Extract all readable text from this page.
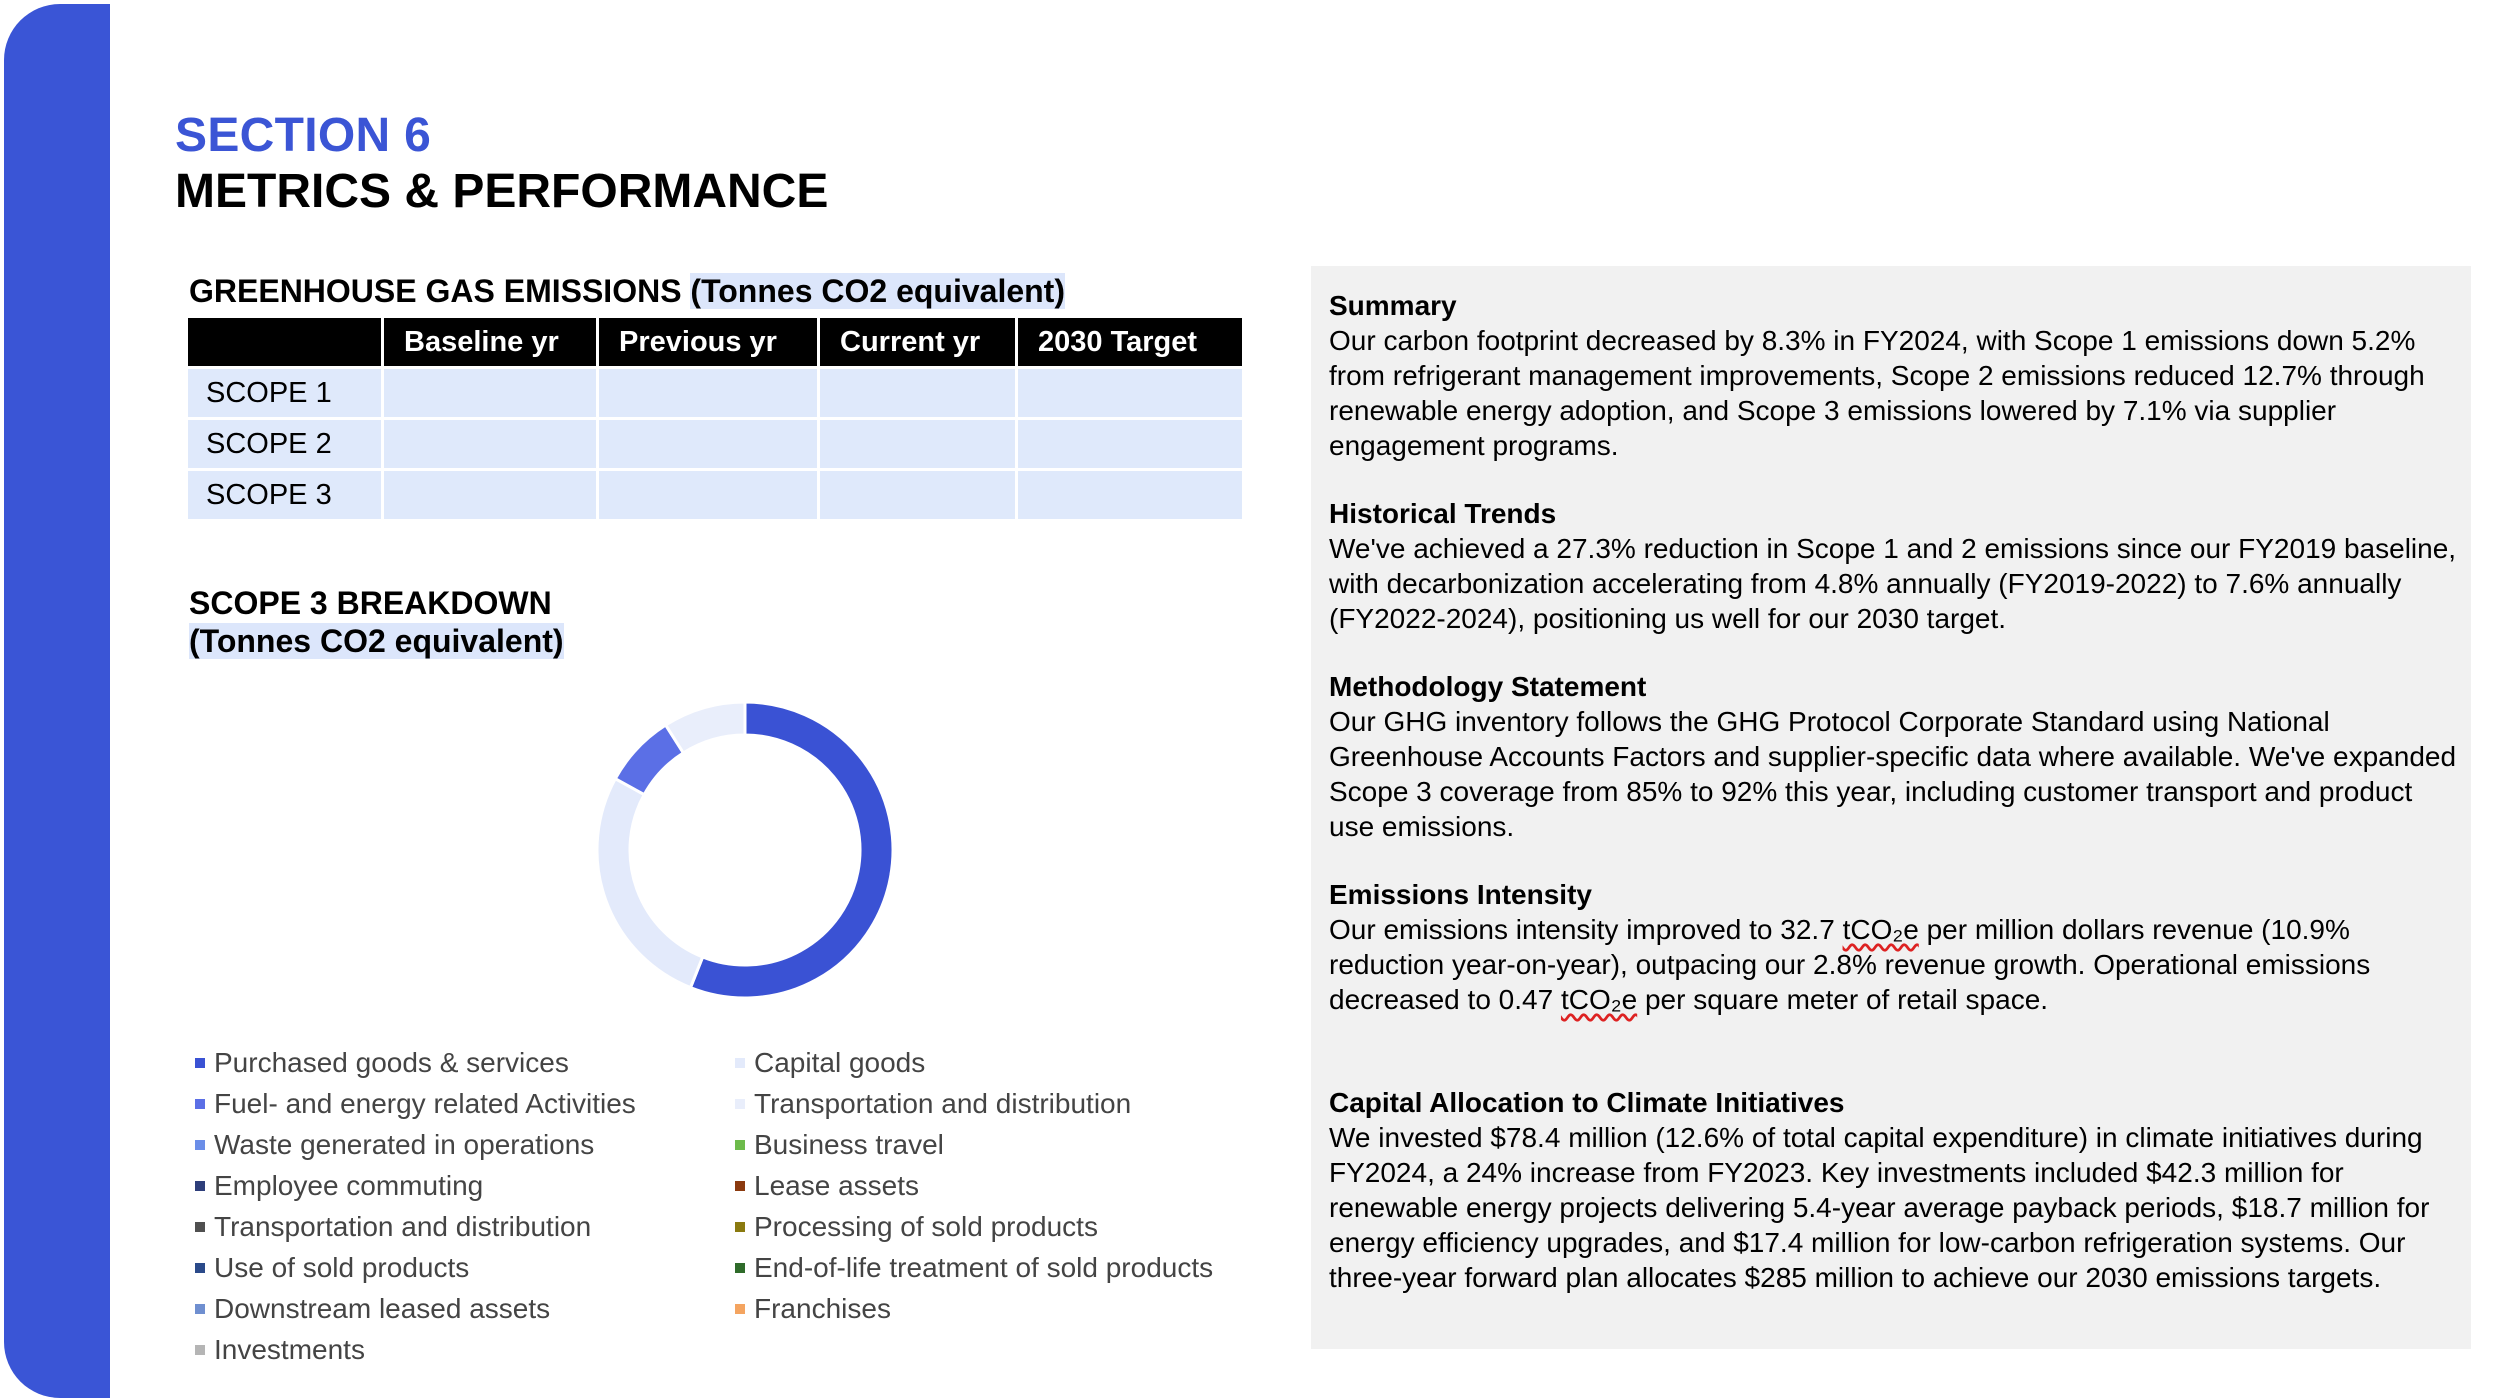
SECTION 6
METRICS & PERFORMANCE
GREENHOUSE GAS EMISSIONS (Tonnes CO2 equivalent)
	Baseline yr	Previous yr	Current yr	2030 Target
SCOPE 1				
SCOPE 2				
SCOPE 3				
SCOPE 3 BREAKDOWN
(Tonnes CO2 equivalent)
Purchased goods & services
Fuel- and energy related Activities
Waste generated in operations
Employee commuting
Transportation and distribution
Use of sold products
Downstream leased assets
Investments
Capital goods
Transportation and distribution
Business travel
Lease assets
Processing of sold products
End-of-life treatment of sold products
Franchises
Summary

Our carbon footprint decreased by 8.3% in FY2024, with Scope 1 emissions down 5.2% from refrigerant management improvements, Scope 2 emissions reduced 12.7% through renewable energy adoption, and Scope 3 emissions lowered by 7.1% via supplier engagement programs.

Historical Trends

We've achieved a 27.3% reduction in Scope 1 and 2 emissions since our FY2019 baseline, with decarbonization accelerating from 4.8% annually (FY2019-2022) to 7.6% annually (FY2022-2024), positioning us well for our 2030 target.

Methodology Statement

Our GHG inventory follows the GHG Protocol Corporate Standard using National Greenhouse Accounts Factors and supplier-specific data where available. We've expanded Scope 3 coverage from 85% to 92% this year, including customer transport and product use emissions.

Emissions Intensity

Our emissions intensity improved to 32.7 tCO₂e per million dollars revenue (10.9% reduction year-on-year), outpacing our 2.8% revenue growth. Operational emissions decreased to 0.47 tCO₂e per square meter of retail space.

Capital Allocation to Climate Initiatives

We invested $78.4 million (12.6% of total capital expenditure) in climate initiatives during FY2024, a 24% increase from FY2023. Key investments included $42.3 million for renewable energy projects delivering 5.4-year average payback periods, $18.7 million for energy efficiency upgrades, and $17.4 million for low-carbon refrigeration systems. Our three-year forward plan allocates $285 million to achieve our 2030 emissions targets.
